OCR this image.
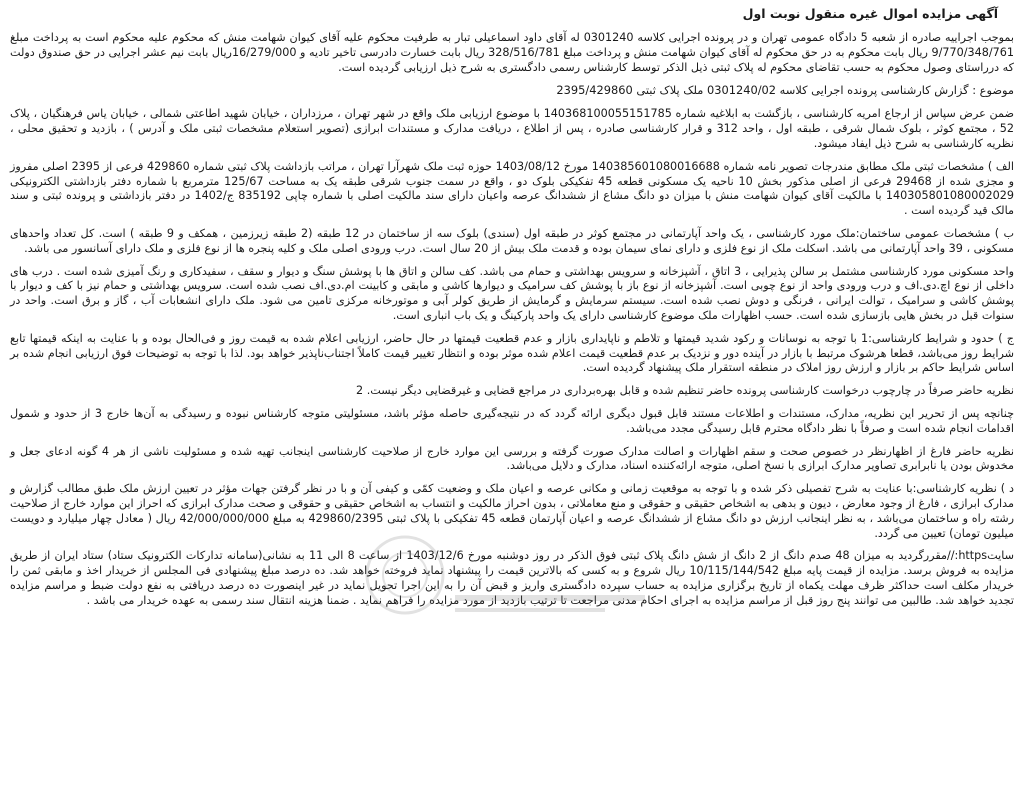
آگهی مزایده اموال غیره منقول نوبت اول
بموجب اجراییه صادره از شعبه 5 دادگاه عمومی تهران و در پرونده اجرایی کلاسه 0301240 له آقای داود اسماعیلی تبار به طرفیت محکوم علیه آقای کیوان شهامت منش که محکوم علیه محکوم است به پرداخت مبلغ 9/770/348/761 ریال بابت محکوم به در حق محکوم له آقای کیوان شهامت منش و پرداخت مبلغ 328/516/781 ریال بابت خسارت دادرسی تاخیر تادیه و 16/279/000ریال بابت نیم عشر اجرایی در حق صندوق دولت که درراستای وصول محکوم به حسب تقاضای محکوم له پلاک ثبتی ذیل الذکر توسط کارشناس رسمی دادگستری به شرح ذیل ارزیابی گردیده است.
موضوع : گزارش کارشناسی پرونده اجرایی کلاسه 0301240/02 ملک پلاک ثبتی 2395/429860
ضمن عرض سپاس از ارجاع امریه کارشناسی ، بازگشت به ابلاغیه شماره 140368100055151785 با موضوع ارزیابی ملک واقع در شهر تهران ، مرزداران ، خیابان شهید اطاعتی شمالی ، خیابان یاس فرهنگیان ، پلاک 52 ، مجتمع کوثر ، بلوک شمال شرقی ، طبقه اول ، واحد 312 و قرار کارشناسی صادره ، پس از اطلاع ، دریافت مدارک و مستندات ابرازی (تصویر استعلام مشخصات ثبتی ملک و آدرس ) ، بازدید و تحقیق محلی ، نظریه کارشناسی به شرح ذیل ایفاد میشود.
الف ) مشخصات ثبتی ملک مطابق مندرجات تصویر نامه شماره 140385601080016688 مورخ 1403/08/12 حوزه ثبت ملک شهرآرا تهران ، مراتب بازداشت پلاک ثبتی شماره 429860 فرعی از 2395 اصلی مفروز و مجزی شده از 29468 فرعی از اصلی مذکور بخش 10 ناحیه یک مسکونی قطعه 45 تفکیکی بلوک دو ، واقع در سمت جنوب شرقی طبقه یک به مساحت 125/67 مترمربع با شماره دفتر بازداشتی الکترونیکی 140305801080002029 با مالکیت آقای کیوان شهامت منش با میزان دو دانگ مشاع از ششدانگ عرصه واعیان دارای سند مالکیت اصلی با شماره چاپی 835192 ج/1402 در دفتر بازداشتی و پرونده ثبتی و سند مالک قید گردیده است .
ب ) مشخصات عمومی ساختمان:ملک مورد کارشناسی ، یک واحد آپارتمانی در مجتمع کوثر در طبقه اول (سندی) بلوک سه از ساختمان در 12 طبقه (2 طبقه زیرزمین ، همکف و 9 طبقه ) است. کل تعداد واحدهای مسکونی ، 39 واحد آپارتمانی می باشد. اسکلت ملک از نوع فلزی و دارای نمای سیمان بوده و قدمت ملک بیش از 20 سال است. درب ورودی اصلی ملک و کلیه پنجره ها از نوع فلزی و ملک دارای آسانسور می باشد.
واحد مسکونی مورد کارشناسی مشتمل بر سالن پذیرایی ، 3 اتاق ، آشپزخانه و سرویس بهداشتی و حمام می باشد. کف سالن و اتاق ها با پوشش سنگ و دیوار و سقف ، سفیدکاری و رنگ آمیزی شده است . درب های داخلی از نوع اچ.دی.اف و درب ورودی واحد از نوع چوبی است. آشپزخانه از نوع باز با پوشش کف سرامیک و دیوارها کاشی و مابقی و کابینت ام.دی.اف نصب شده است. سرویس بهداشتی و حمام نیز با کف و دیوار با پوشش کاشی و سرامیک ، توالت ایرانی ، فرنگی و دوش نصب شده است. سیستم سرمایش و گرمایش از طریق کولر آبی و موتورخانه مرکزی تامین می شود. ملک دارای انشعابات آب ، گاز و برق است. واحد در سنوات قبل در بخش هایی بازسازی شده است. حسب اظهارات ملک موضوع کارشناسی دارای یک واحد پارکینگ و یک باب انباری است.
ج ) حدود و شرایط کارشناسی:1 با توجه به نوسانات و رکود شدید قیمتها و تلاطم و ناپایداری بازار و عدم قطعیت قیمتها در حال حاضر، ارزیابی اعلام شده به قیمت روز و فی‌الحال بوده و با عنایت به اینکه قیمتها تابع شرایط روز می‌باشد، قطعا هرشوک مرتبط با بازار در آینده دور و نزدیک بر عدم قطعیت قیمت اعلام شده موثر بوده و انتظار تغییر قیمت کاملاً اجتناب‌ناپذیر خواهد بود. لذا با توجه به توضیحات فوق ارزیابی انجام شده بر اساس شرایط حاکم بر بازار و ارزش روز املاک در منطقه استقرار ملک پیشنهاد گردیده است.
نظریه حاضر صرفاً در چارچوب درخواست کارشناسی پرونده حاضر تنظیم شده و قابل بهره‌برداری در مراجع قضایی و غیرقضایی دیگر نیست. 2
چنانچه پس از تحریر این نظریه، مدارک، مستندات و اطلاعات مستند قابل قبول دیگری ارائه گردد که در نتیجه‌گیری حاصله مؤثر باشد، مسئولیتی متوجه کارشناس نبوده و رسیدگی به آن‌ها خارج 3 از حدود و شمول اقدامات انجام شده است و صرفاً با نظر دادگاه محترم قابل رسیدگی مجدد می‌باشد.
نظریه حاضر فارغ از اظهارنظر در خصوص صحت و سقم اظهارات و اصالت مدارک صورت گرفته و بررسی این موارد خارج از صلاحیت کارشناسی اینجانب تهیه شده و مسئولیت ناشی از هر 4 گونه ادعای جعل و مخدوش بودن یا نابرابری تصاویر مدارک ابرازی با نسخ اصلی، متوجه ارائه‌کننده اسناد، مدارک و دلایل می‌باشد.
د ) نظریه کارشناسی:با عنایت به شرح تفصیلی ذکر شده و با توجه به موقعیت زمانی و مکانی عرصه و اعیان ملک و وضعیت کمّی و کیفی آن و با در نظر گرفتن جهات مؤثر در تعیین ارزش ملک طبق مطالب گزارش و مدارک ابرازی ، فارغ از وجود معارض ، دیون و بدهی به اشخاص حقیقی و حقوقی و منع معاملاتی ، بدون احراز مالکیت و انتساب به اشخاص حقیقی و حقوقی و صحت مدارک ابرازی که احراز این موارد خارج از صلاحیت رشته راه و ساختمان می‌باشد ، به نظر اینجانب ارزش دو دانگ مشاع از ششدانگ عرصه و اعیان آپارتمان قطعه 45 تفکیکی با پلاک ثبتی 429860/2395 به مبلغ 42/000/000/000 ریال ( معادل چهار میلیارد و دویست میلیون تومان) تعیین می گردد.
سایتhttps://مقررگردید به میزان 48 صدم دانگ از 2 دانگ از شش دانگ پلاک ثبتی فوق الذکر در روز دوشنبه مورخ 1403/12/6 از ساعت 8 الی 11 به نشانی(سامانه تدارکات الکترونیک ستاد) ستاد ایران از طریق مزایده به فروش برسد. مزایده از قیمت پایه مبلغ 10/115/144/542 ریال شروع و به کسی که بالاترین قیمت را پیشنهاد نماید فروخته خواهد شد. ده درصد مبلغ پیشنهادی فی المجلس از خریدار اخذ و مابقی ثمن را خریدار مکلف است حداکثر ظرف مهلت یکماه از تاریخ برگزاری مزایده به حساب سپرده دادگستری واریز و قبض آن را به این اجرا تحویل نماید در غیر اینصورت ده درصد دریافتی به نفع دولت ضبط و مراسم مزایده تجدید خواهد شد. طالبین می توانند پنج روز قبل از مراسم مزایده به اجرای احکام مدنی مراجعت تا ترتیب بازدید از مورد مزایده را فراهم نماید . ضمنا هزینه انتقال سند رسمی به عهده خریدار می باشد .
